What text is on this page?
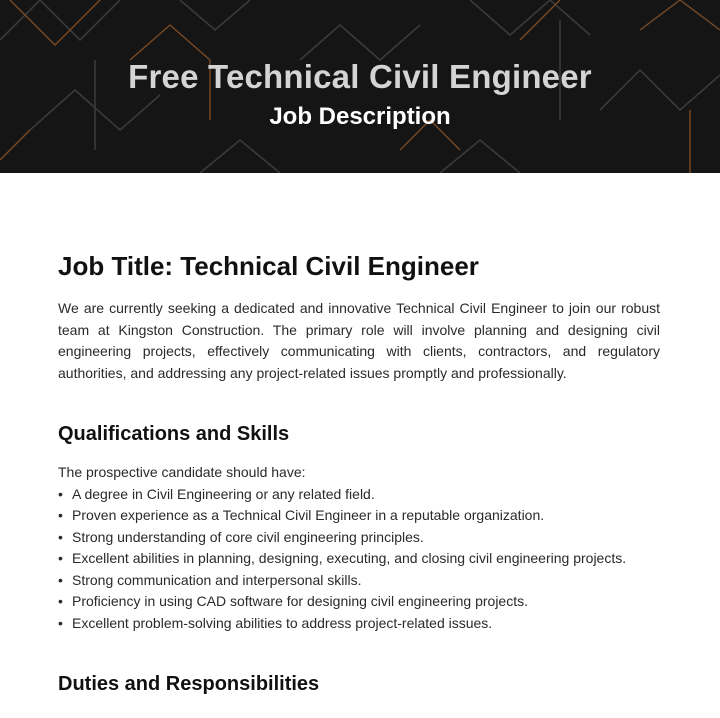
Free Technical Civil Engineer
Job Description
Job Title: Technical Civil Engineer

We are currently seeking a dedicated and innovative Technical Civil Engineer to join our robust team at Kingston Construction. The primary role will involve planning and designing civil engineering projects, effectively communicating with clients, contractors, and regulatory authorities, and addressing any project-related issues promptly and professionally.

Qualifications and Skills

The prospective candidate should have:

• A degree in Civil Engineering or any related field.
• Proven experience as a Technical Civil Engineer in a reputable organization.
• Strong understanding of core civil engineering principles.
• Excellent abilities in planning, designing, executing, and closing civil engineering projects.
• Strong communication and interpersonal skills.
• Proficiency in using CAD software for designing civil engineering projects.
• Excellent problem-solving abilities to address project-related issues.
Duties and Responsibilities
